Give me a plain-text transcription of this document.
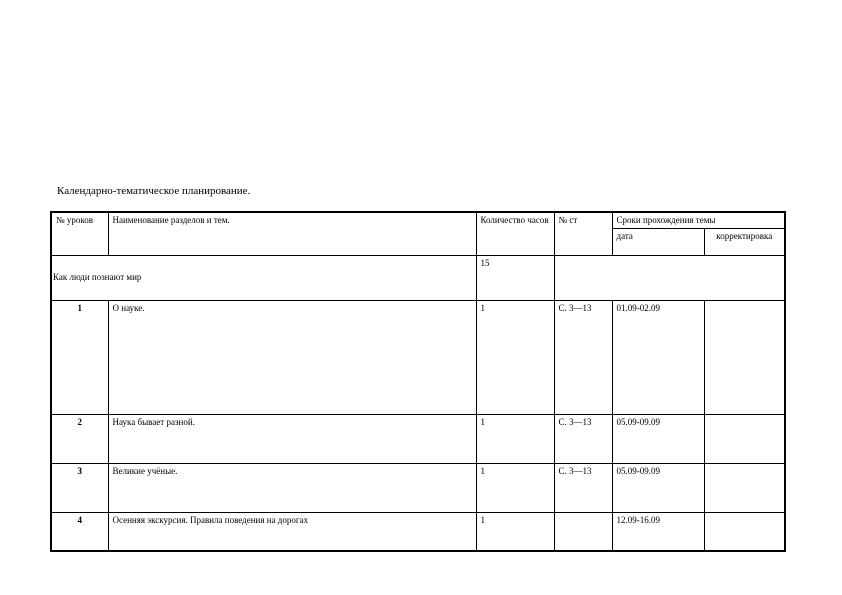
Календарно-тематическое планирование.
№ уроков	Наименование разделов и тем.	Количество часов	№ ст	Сроки прохождения темы	
				дата	корректировка
Как люди познают мир		15			
1	О науке.	1	С. 3—13	01.09-02.09	
2	Наука бывает разной.	1	С. 3—13	05.09-09.09	
3	Великие учёные.	1	С. 3—13	05.09-09.09	
4	Осенняя экскурсия. Правила поведения на дорогах	1		12.09-16.09	
